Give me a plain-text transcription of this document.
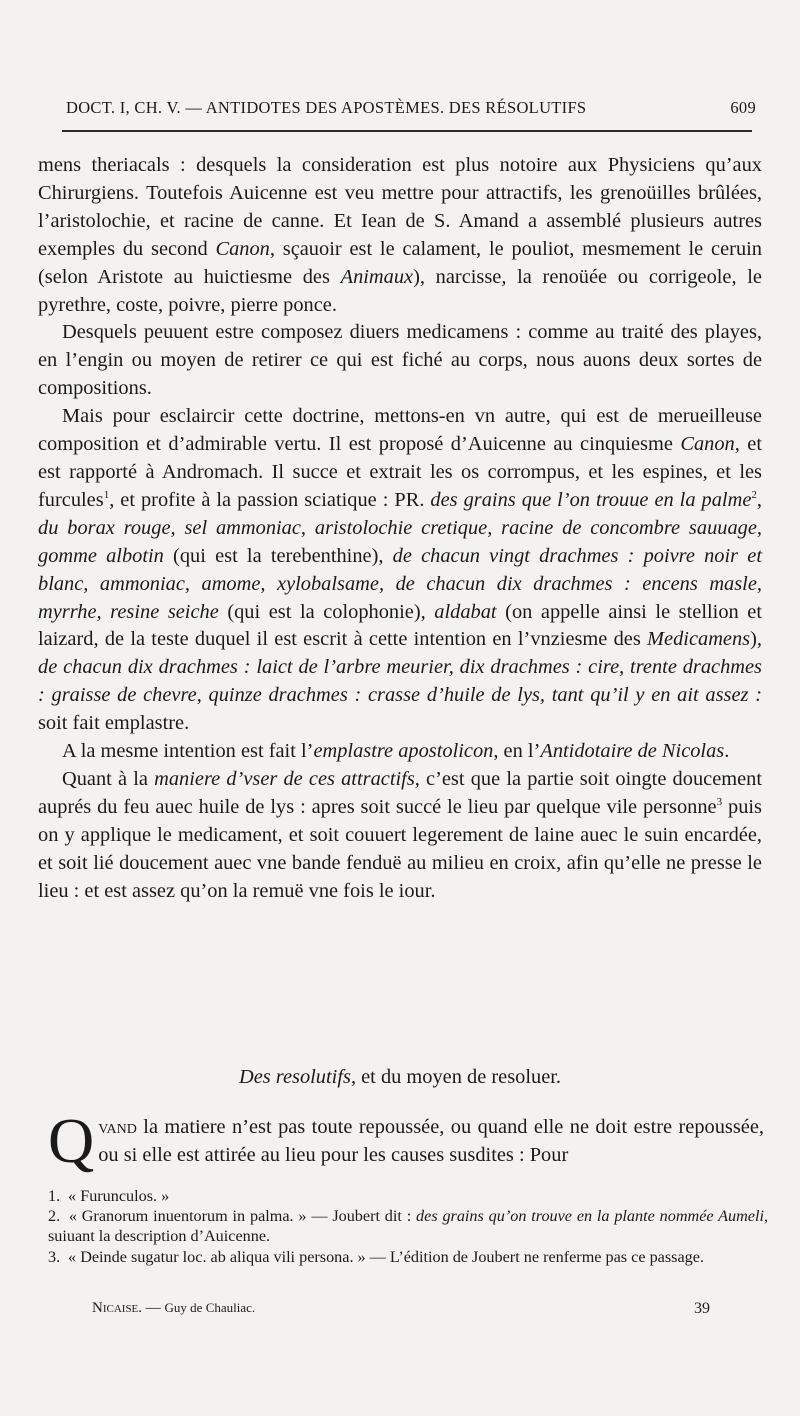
DOCT. I, CH. V. — ANTIDOTES DES APOSTÈMES. DES RÉSOLUTIFS	609

mens theriacals : desquels la consideration est plus notoire aux Physiciens qu’aux Chirurgiens. Toutefois Auicenne est veu mettre pour attractifs, les grenoüilles brûlées, l’aristolochie, et racine de canne. Et Iean de S. Amand a assemblé plusieurs autres exemples du second Canon, sçauoir est le calament, le pouliot, mesmement le ceruin (selon Aristote au huictiesme des Animaux), narcisse, la renoüée ou corrigeole, le pyrethre, coste, poivre, pierre ponce.

Desquels peuuent estre composez diuers medicamens : comme au traité des playes, en l’engin ou moyen de retirer ce qui est fiché au corps, nous auons deux sortes de compositions.

Mais pour esclaircir cette doctrine, mettons-en vn autre, qui est de merueilleuse composition et d’admirable vertu. Il est proposé d’Auicenne au cinquiesme Canon, et est rapporté à Andromach. Il succe et extrait les os corrompus, et les espines, et les furcules$^1$, et profite à la passion sciatique : PR. des grains que l’on trouue en la palme$^2$, du borax rouge, sel ammoniac, aristolochie cretique, racine de concombre sauuage, gomme albotin (qui est la terebenthine), de chacun vingt drachmes : poivre noir et blanc, ammoniac, amome, xylobalsame, de chacun dix drachmes : encens masle, myrrhe, resine seiche (qui est la colophonie), aldabat (on appelle ainsi le stellion et laizard, de la teste duquel il est escrit à cette intention en l’vnziesme des Medicamens), de chacun dix drachmes : laict de l’arbre meurier, dix drachmes : cire, trente drachmes : graisse de chevre, quinze drachmes : crasse d’huile de lys, tant qu’il y en ait assez : soit fait emplastre.

A la mesme intention est fait l’emplastre apostolicon, en l’Antidotaire de Nicolas.

Quant à la maniere d’vser de ces attractifs, c’est que la partie soit oingte doucement auprés du feu auec huile de lys : apres soit succé le lieu par quelque vile personne$^3$ puis on y applique le medicament, et soit couuert legerement de laine auec le suin encardée, et soit lié doucement auec vne bande fenduë au milieu en croix, afin qu’elle ne presse le lieu : et est assez qu’on la remuë vne fois le iour.

Des resolutifs, et du moyen de resoluer.
Qvand la matiere n’est pas toute repoussée, ou quand elle ne doit estre repoussée, ou si elle est attirée au lieu pour les causes susdites : Pour

1. « Furunculos. »

2. « Granorum inuentorum in palma. » — Joubert dit : des grains qu’on trouve en la plante nommée Aumeli, suiuant la description d’Auicenne.

3. « Deinde sugatur loc. ab aliqua vili persona. » — L’édition de Joubert ne renferme pas ce passage.

Nicaise. — Guy de Chauliac.	39
